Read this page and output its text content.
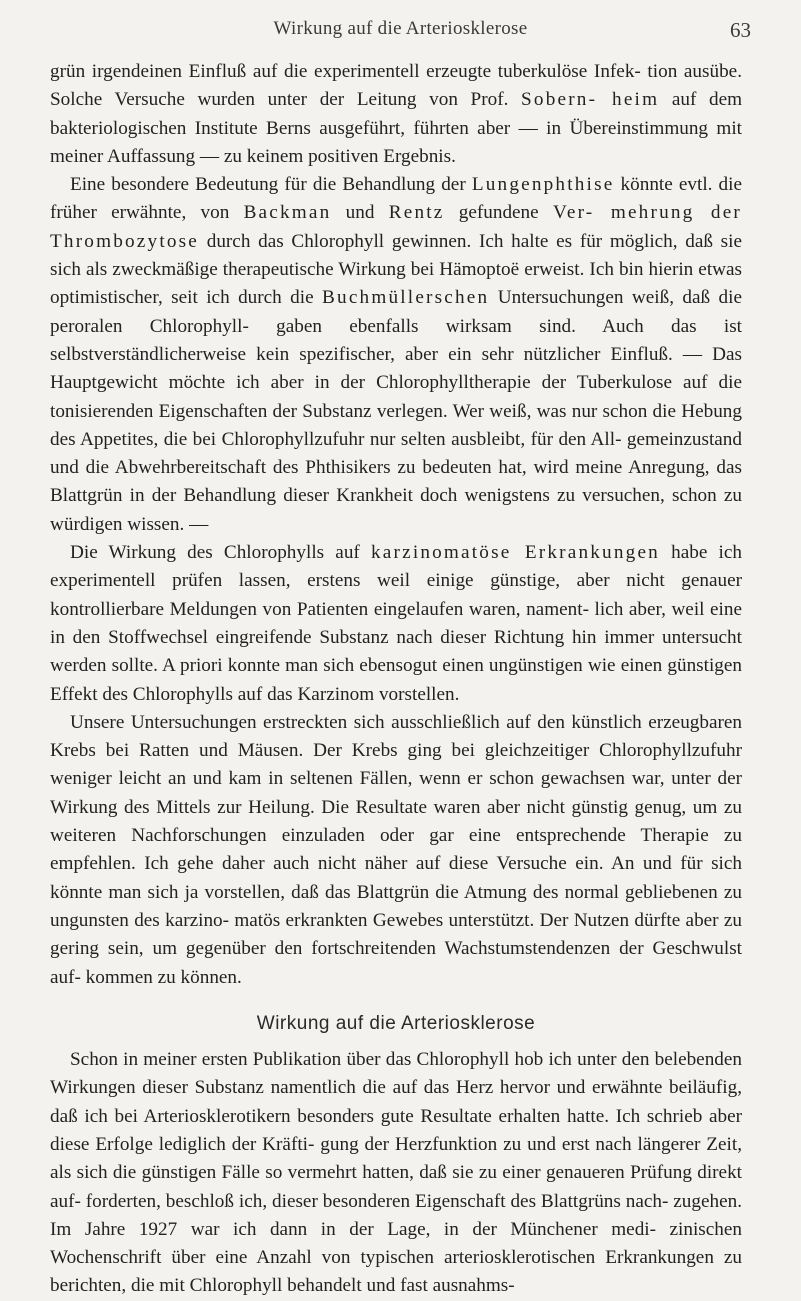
Wirkung auf die Arteriosklerose	63

grün irgendeinen Einfluß auf die experimentell erzeugte tuberkulöse Infek- tion ausübe. Solche Versuche wurden unter der Leitung von Prof. Sobern- heim auf dem bakteriologischen Institute Berns ausgeführt, führten aber — in Übereinstimmung mit meiner Auffassung — zu keinem positiven Ergebnis.

Eine besondere Bedeutung für die Behandlung der Lungenphthise könnte evtl. die früher erwähnte, von Backman und Rentz gefundene Ver- mehrung der Thrombozytose durch das Chlorophyll gewinnen. Ich halte es für möglich, daß sie sich als zweckmäßige therapeutische Wirkung bei Hämoptoë erweist. Ich bin hierin etwas optimistischer, seit ich durch die Buchmüllerschen Untersuchungen weiß, daß die peroralen Chlorophyll- gaben ebenfalls wirksam sind. Auch das ist selbstverständlicherweise kein spezifischer, aber ein sehr nützlicher Einfluß. — Das Hauptgewicht möchte ich aber in der Chlorophylltherapie der Tuberkulose auf die tonisierenden Eigenschaften der Substanz verlegen. Wer weiß, was nur schon die Hebung des Appetites, die bei Chlorophyllzufuhr nur selten ausbleibt, für den All- gemeinzustand und die Abwehrbereitschaft des Phthisikers zu bedeuten hat, wird meine Anregung, das Blattgrün in der Behandlung dieser Krankheit doch wenigstens zu versuchen, schon zu würdigen wissen. —

Die Wirkung des Chlorophylls auf karzinomatöse Erkrankungen habe ich experimentell prüfen lassen, erstens weil einige günstige, aber nicht genauer kontrollierbare Meldungen von Patienten eingelaufen waren, nament- lich aber, weil eine in den Stoffwechsel eingreifende Substanz nach dieser Richtung hin immer untersucht werden sollte. A priori konnte man sich ebensogut einen ungünstigen wie einen günstigen Effekt des Chlorophylls auf das Karzinom vorstellen.

Unsere Untersuchungen erstreckten sich ausschließlich auf den künstlich erzeugbaren Krebs bei Ratten und Mäusen. Der Krebs ging bei gleichzeitiger Chlorophyllzufuhr weniger leicht an und kam in seltenen Fällen, wenn er schon gewachsen war, unter der Wirkung des Mittels zur Heilung. Die Resultate waren aber nicht günstig genug, um zu weiteren Nachforschungen einzuladen oder gar eine entsprechende Therapie zu empfehlen. Ich gehe daher auch nicht näher auf diese Versuche ein. An und für sich könnte man sich ja vorstellen, daß das Blattgrün die Atmung des normal gebliebenen zu ungunsten des karzino- matös erkrankten Gewebes unterstützt. Der Nutzen dürfte aber zu gering sein, um gegenüber den fortschreitenden Wachstumstendenzen der Geschwulst auf- kommen zu können.

Wirkung auf die Arteriosklerose

Schon in meiner ersten Publikation über das Chlorophyll hob ich unter den belebenden Wirkungen dieser Substanz namentlich die auf das Herz hervor und erwähnte beiläufig, daß ich bei Arteriosklerotikern besonders gute Resultate erhalten hatte. Ich schrieb aber diese Erfolge lediglich der Kräfti- gung der Herzfunktion zu und erst nach längerer Zeit, als sich die günstigen Fälle so vermehrt hatten, daß sie zu einer genaueren Prüfung direkt auf- forderten, beschloß ich, dieser besonderen Eigenschaft des Blattgrüns nach- zugehen. Im Jahre 1927 war ich dann in der Lage, in der Münchener medi- zinischen Wochenschrift über eine Anzahl von typischen arteriosklerotischen Erkrankungen zu berichten, die mit Chlorophyll behandelt und fast ausnahms-
